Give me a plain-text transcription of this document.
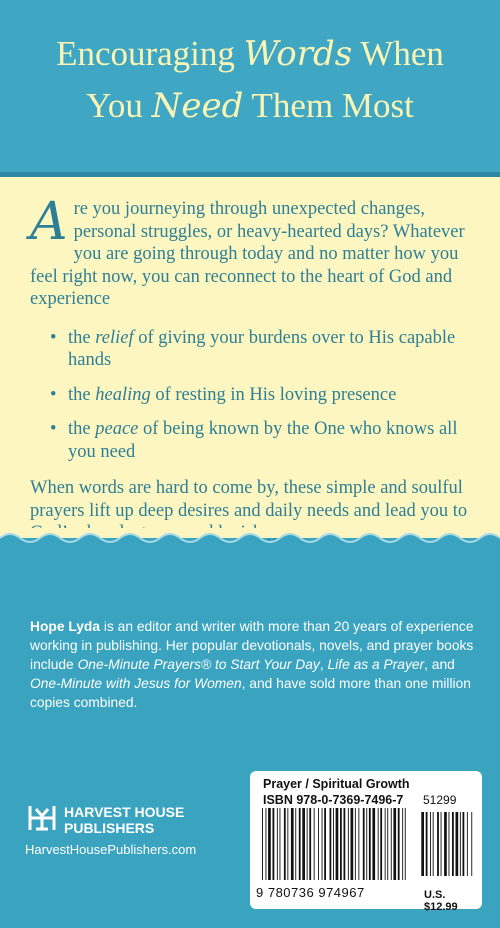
Encouraging Words When
You Need Them Most
Are you journeying through unexpected changes, personal struggles, or heavy-hearted days? Whatever you are going through today and no matter how you feel right now, you can reconnect to the heart of God and experience
• the relief of giving your burdens over to His capable hands
• the healing of resting in His loving presence
• the peace of being known by the One who knows all you need
When words are hard to come by, these simple and soulful prayers lift up deep desires and daily needs and lead you to
Hope Lyda is an editor and writer with more than 20 years of experience working in publishing. Her popular devotionals, novels, and prayer books include One-Minute Prayers® to Start Your Day, Life as a Prayer, and One-Minute with Jesus for Women, and have sold more than one million copies combined.
HARVEST HOUSE
PUBLISHERS
HarvestHousePublishers.com
Prayer / Spiritual Growth
ISBN 978-0-7369-7496-7 51299
9 780736 974967	U.S. $12.99
